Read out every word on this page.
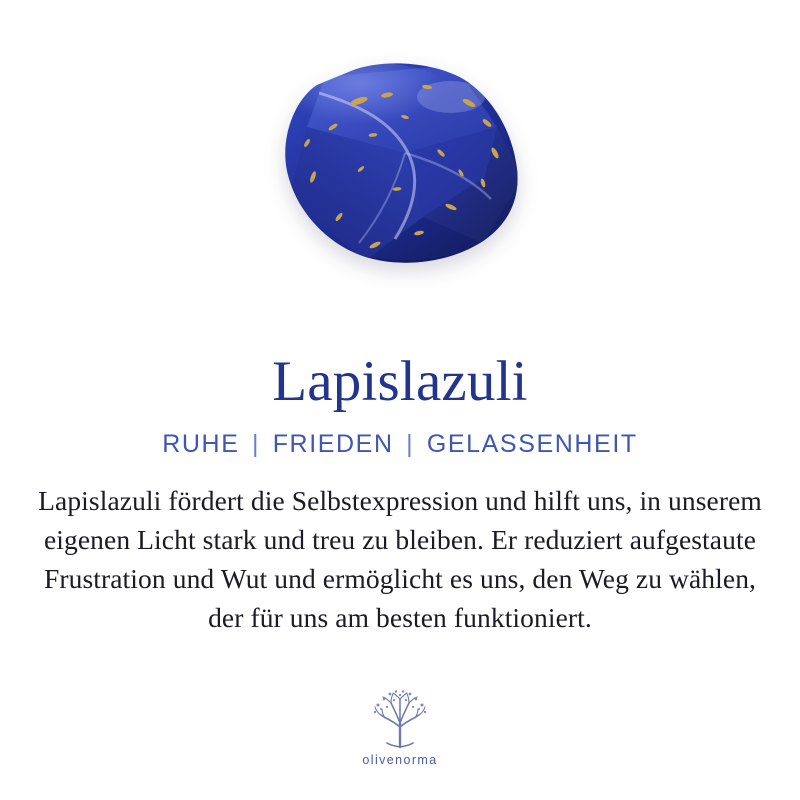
Lapislazuli
RUHE | FRIEDEN | GELASSENHEIT

Lapislazuli fördert die Selbstexpression und hilft uns, in unserem eigenen Licht stark und treu zu bleiben. Er reduziert aufgestaute Frustration und Wut und ermöglicht es uns, den Weg zu wählen, der für uns am besten funktioniert.

olivenorma
